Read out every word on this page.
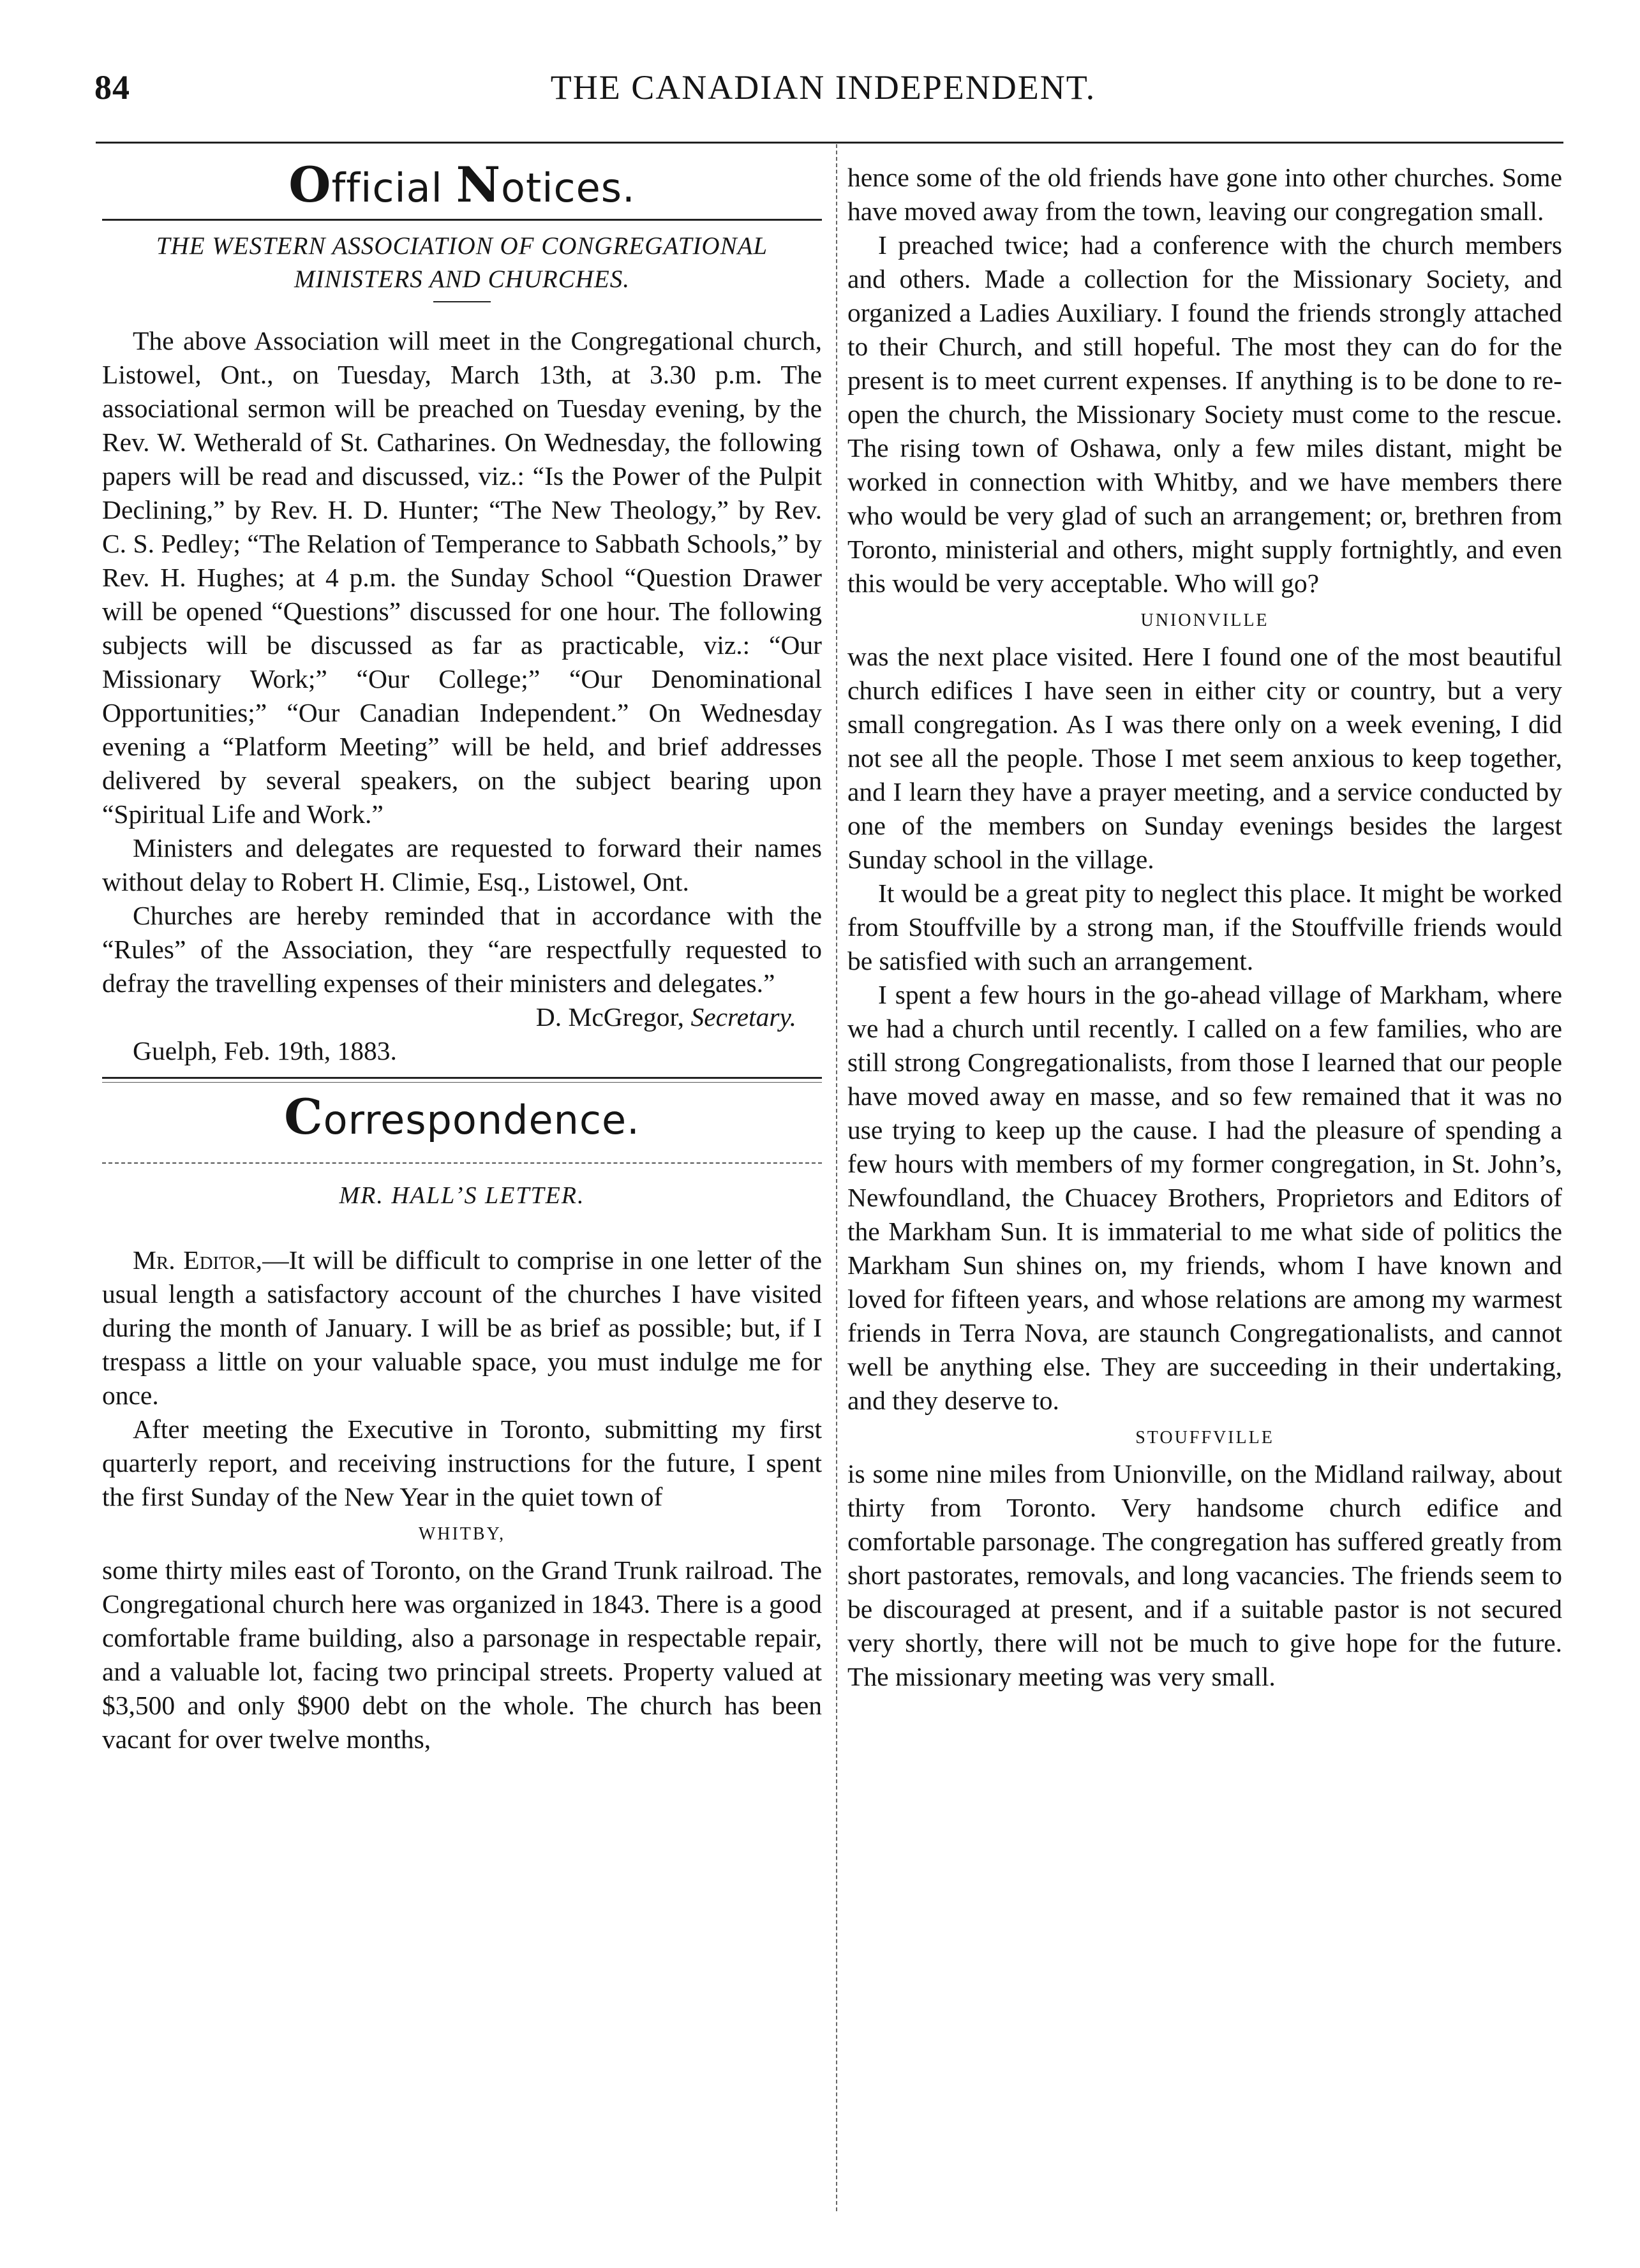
84	THE CANADIAN INDEPENDENT.
Official Notices.
THE WESTERN ASSOCIATION OF CONGREGATIONAL MINISTERS AND CHURCHES.

The above Association will meet in the Congregational church, Listowel, Ont., on Tuesday, March 13th, at 3.30 p.m. The associational sermon will be preached on Tuesday evening, by the Rev. W. Wetherald of St. Catharines. On Wednesday, the following papers will be read and discussed, viz.: “Is the Power of the Pulpit Declining,” by Rev. H. D. Hunter; “The New Theology,” by Rev. C. S. Pedley; “The Relation of Temperance to Sabbath Schools,” by Rev. H. Hughes; at 4 p.m. the Sunday School “Question Drawer will be opened “Questions” discussed for one hour. The following subjects will be discussed as far as practicable, viz.: “Our Missionary Work;” “Our College;” “Our Denominational Opportunities;” “Our Canadian Independent.” On Wednesday evening a “Platform Meeting” will be held, and brief addresses delivered by several speakers, on the subject bearing upon “Spiritual Life and Work.”

Ministers and delegates are requested to forward their names without delay to Robert H. Climie, Esq., Listowel, Ont.

Churches are hereby reminded that in accordance with the “Rules” of the Association, they “are respectfully requested to defray the travelling expenses of their ministers and delegates.”

D. McGregor, Secretary.

Guelph, Feb. 19th, 1883.

Correspondence.
MR. HALL’S LETTER.

Mr. Editor,—It will be difficult to comprise in one letter of the usual length a satisfactory account of the churches I have visited during the month of January. I will be as brief as possible; but, if I trespass a little on your valuable space, you must indulge me for once.

After meeting the Executive in Toronto, submitting my first quarterly report, and receiving instructions for the future, I spent the first Sunday of the New Year in the quiet town of

WHITBY,

some thirty miles east of Toronto, on the Grand Trunk railroad. The Congregational church here was organized in 1843. There is a good comfortable frame building, also a parsonage in respectable repair, and a valuable lot, facing two principal streets. Property valued at $3,500 and only $900 debt on the whole. The church has been vacant for over twelve months,

hence some of the old friends have gone into other churches. Some have moved away from the town, leaving our congregation small.

I preached twice; had a conference with the church members and others. Made a collection for the Missionary Society, and organized a Ladies Auxiliary. I found the friends strongly attached to their Church, and still hopeful. The most they can do for the present is to meet current expenses. If anything is to be done to re-open the church, the Missionary Society must come to the rescue. The rising town of Oshawa, only a few miles distant, might be worked in connection with Whitby, and we have members there who would be very glad of such an arrangement; or, brethren from Toronto, ministerial and others, might supply fortnightly, and even this would be very acceptable. Who will go?

UNIONVILLE

was the next place visited. Here I found one of the most beautiful church edifices I have seen in either city or country, but a very small congregation. As I was there only on a week evening, I did not see all the people. Those I met seem anxious to keep together, and I learn they have a prayer meeting, and a service conducted by one of the members on Sunday evenings besides the largest Sunday school in the village.

It would be a great pity to neglect this place. It might be worked from Stouffville by a strong man, if the Stouffville friends would be satisfied with such an arrangement.

I spent a few hours in the go-ahead village of Markham, where we had a church until recently. I called on a few families, who are still strong Congregationalists, from those I learned that our people have moved away en masse, and so few remained that it was no use trying to keep up the cause. I had the pleasure of spending a few hours with members of my former congregation, in St. John’s, Newfoundland, the Chuacey Brothers, Proprietors and Editors of the Markham Sun. It is immaterial to me what side of politics the Markham Sun shines on, my friends, whom I have known and loved for fifteen years, and whose relations are among my warmest friends in Terra Nova, are staunch Congregationalists, and cannot well be anything else. They are succeeding in their undertaking, and they deserve to.

STOUFFVILLE

is some nine miles from Unionville, on the Midland railway, about thirty from Toronto. Very handsome church edifice and comfortable parsonage. The congregation has suffered greatly from short pastorates, removals, and long vacancies. The friends seem to be discouraged at present, and if a suitable pastor is not secured very shortly, there will not be much to give hope for the future. The missionary meeting was very small.
